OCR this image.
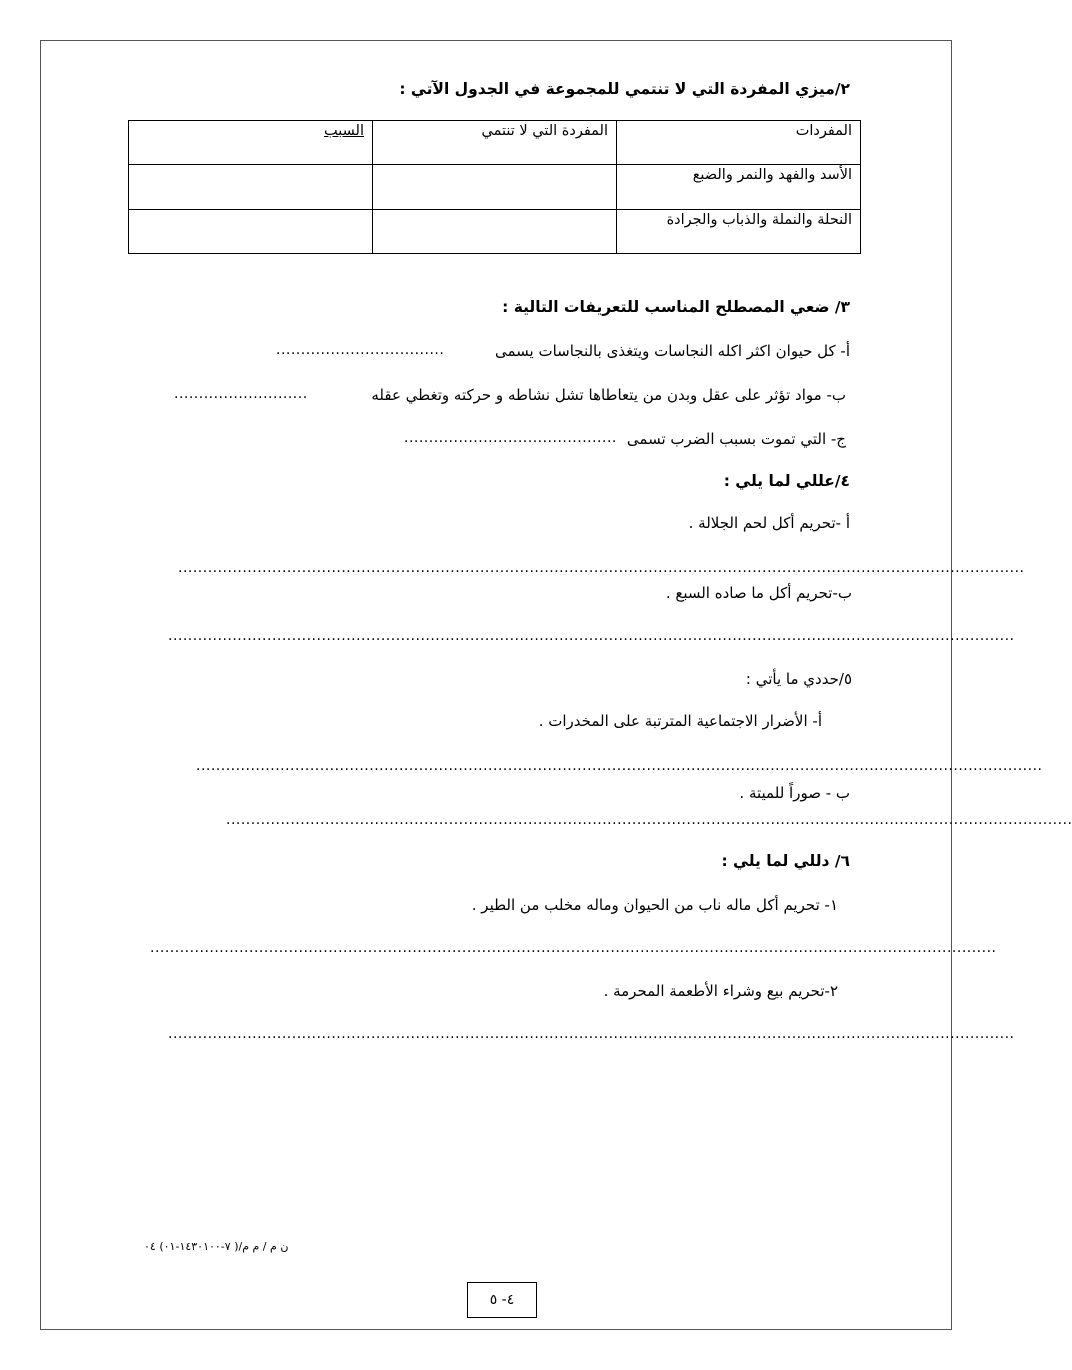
٢/ميزي المفردة التي لا تنتمي للمجموعة في الجدول الآتي :
المفردات	المفردة التي لا تنتمي	السبب
الأسد والفهد والنمر والضبع		
النحلة والنملة والذباب والجرادة		
٣/ ضعي المصطلح المناسب للتعريفات التالية :
أ- كل حيوان اكثر اكله النجاسات ويتغذى بالنجاسات يسمى
..................................
ب- مواد تؤثر على عقل وبدن من يتعاطاها تشل نشاطه و حركته وتغطي عقله
...........................
ج- التي تموت بسبب الضرب تسمى
...........................................
٤/عللي لما يلي :
أ -تحريم أكل لحم الجلالة .
...........................................................................................................................................................................
ب-تحريم أكل ما صاده السبع .
...........................................................................................................................................................................
٥/حددي ما يأتي :
أ- الأضرار الاجتماعية المترتبة على المخدرات .
...........................................................................................................................................................................
ب - صوراً للميتة .
...........................................................................................................................................................................
٦/ دللي لما يلي :
١- تحريم أكل ماله ناب من الحيوان وماله مخلب من الطير .
...........................................................................................................................................................................
٢-تحريم بيع وشراء الأطعمة المحرمة .
...........................................................................................................................................................................
ن م / م م/( ٧-١٤٣٠١٠٠-٠١) ٠٤
٤- ٥
